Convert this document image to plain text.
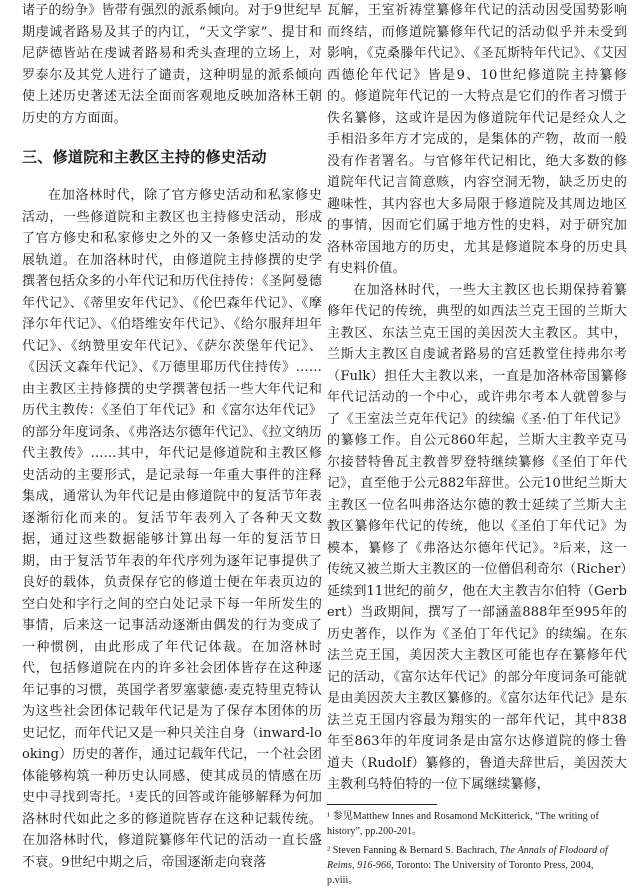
诸子的纷争》皆带有强烈的派系倾向。对于9世纪早期虔诚者路易及其子的内讧，“天文学家”、提甘和尼萨德皆站在虔诚者路易和秃头查理的立场上，对罗泰尔及其党人进行了谴责，这种明显的派系倾向使上述历史著述无法全面而客观地反映加洛林王朝历史的方方面面。

三、修道院和主教区主持的修史活动

在加洛林时代，除了官方修史活动和私家修史活动，一些修道院和主教区也主持修史活动，形成了官方修史和私家修史之外的又一条修史活动的发展轨道。在加洛林时代，由修道院主持修撰的史学撰著包括众多的小年代记和历代住持传：《圣阿曼德年代记》、《蒂里安年代记》、《伦巴森年代记》、《摩泽尔年代记》、《伯塔维安年代记》、《给尔服拜坦年代记》、《纳赞里安年代记》、《萨尔茨堡年代记》、《因沃文森年代记》、《万德里耶历代住持传》……由主教区主持修撰的史学撰著包括一些大年代记和历代主教传：《圣伯丁年代记》和《富尔达年代记》的部分年度词条、《弗洛达尔德年代记》、《拉文纳历代主教传》……其中，年代记是修道院和主教区修史活动的主要形式，是记录每一年重大事件的注释集成，通常认为年代记是由修道院中的复活节年表逐渐衍化而来的。复活节年表列入了各种天文数据，通过这些数据能够计算出每一年的复活节日期，由于复活节年表的年代序列为逐年记事提供了良好的载体，负责保存它的修道士便在年表页边的空白处和字行之间的空白处记录下每一年所发生的事情，后来这一记事活动逐渐由偶发的行为变成了一种惯例，由此形成了年代记体裁。在加洛林时代，包括修道院在内的许多社会团体皆存在这种逐年记事的习惯，英国学者罗塞蒙德·麦克特里克特认为这些社会团体记载年代记是为了保存本团体的历史记忆，而年代记又是一种只关注自身（inward-looking）历史的著作，通过记载年代记，一个社会团体能够构筑一种历史认同感，使其成员的情感在历史中寻找到寄托。¹麦氏的回答或许能够解释为何加洛林时代如此之多的修道院皆存在这种记载传统。在加洛林时代，修道院纂修年代记的活动一直长盛不衰。9世纪中期之后，帝国逐渐走向衰落

瓦解，王室祈祷堂纂修年代记的活动因受国势影响而终结，而修道院纂修年代记的活动似乎并未受到影响，《克桑滕年代记》、《圣瓦斯特年代记》、《艾因西德伦年代记》皆是9、10世纪修道院主持纂修的。修道院年代记的一大特点是它们的作者习惯于佚名纂修，这或许是因为修道院年代记是经众人之手相沿多年方才完成的，是集体的产物，故而一般没有作者署名。与官修年代记相比，绝大多数的修道院年代记言简意赅，内容空洞无物，缺乏历史的趣味性，其内容也大多局限于修道院及其周边地区的事情，因而它们属于地方性的史料，对于研究加洛林帝国地方的历史，尤其是修道院本身的历史具有史料价值。

在加洛林时代，一些大主教区也长期保持着纂修年代记的传统，典型的如西法兰克王国的兰斯大主教区、东法兰克王国的美因茨大主教区。其中，兰斯大主教区自虔诚者路易的宫廷教堂住持弗尔考（Fulk）担任大主教以来，一直是加洛林帝国纂修年代记活动的一个中心，或许弗尔考本人就曾参与了《王室法兰克年代记》的续编《圣·伯丁年代记》的纂修工作。自公元860年起，兰斯大主教辛克马尔接替特鲁瓦主教普罗登特继续纂修《圣伯丁年代记》，直至他于公元882年辞世。公元10世纪兰斯大主教区一位名叫弗洛达尔德的教士延续了兰斯大主教区纂修年代记的传统，他以《圣伯丁年代记》为模本，纂修了《弗洛达尔德年代记》。²后来，这一传统又被兰斯大主教区的一位僧侣利奇尔（Richer）延续到11世纪的前夕，他在大主教吉尔伯特（Gerbert）当政期间，撰写了一部涵盖888年至995年的历史著作，以作为《圣伯丁年代记》的续编。在东法兰克王国，美因茨大主教区可能也存在纂修年代记的活动，《富尔达年代记》的部分年度词条可能就是由美因茨大主教区纂修的。《富尔达年代记》是东法兰克王国内容最为翔实的一部年代记，其中838年至863年的年度词条是由富尔达修道院的修士鲁道夫（Rudolf）纂修的，鲁道夫辞世后，美因茨大主教利乌特伯特的一位下属继续纂修，

¹ 参见Matthew Innes and Rosamond McKitterick, “The writing of history”, pp.200-201。

² Steven Fanning & Bernard S. Bachrach, The Annals of Flodoard of Reims, 916-966, Toronto: The University of Toronto Press, 2004, p.viii。
